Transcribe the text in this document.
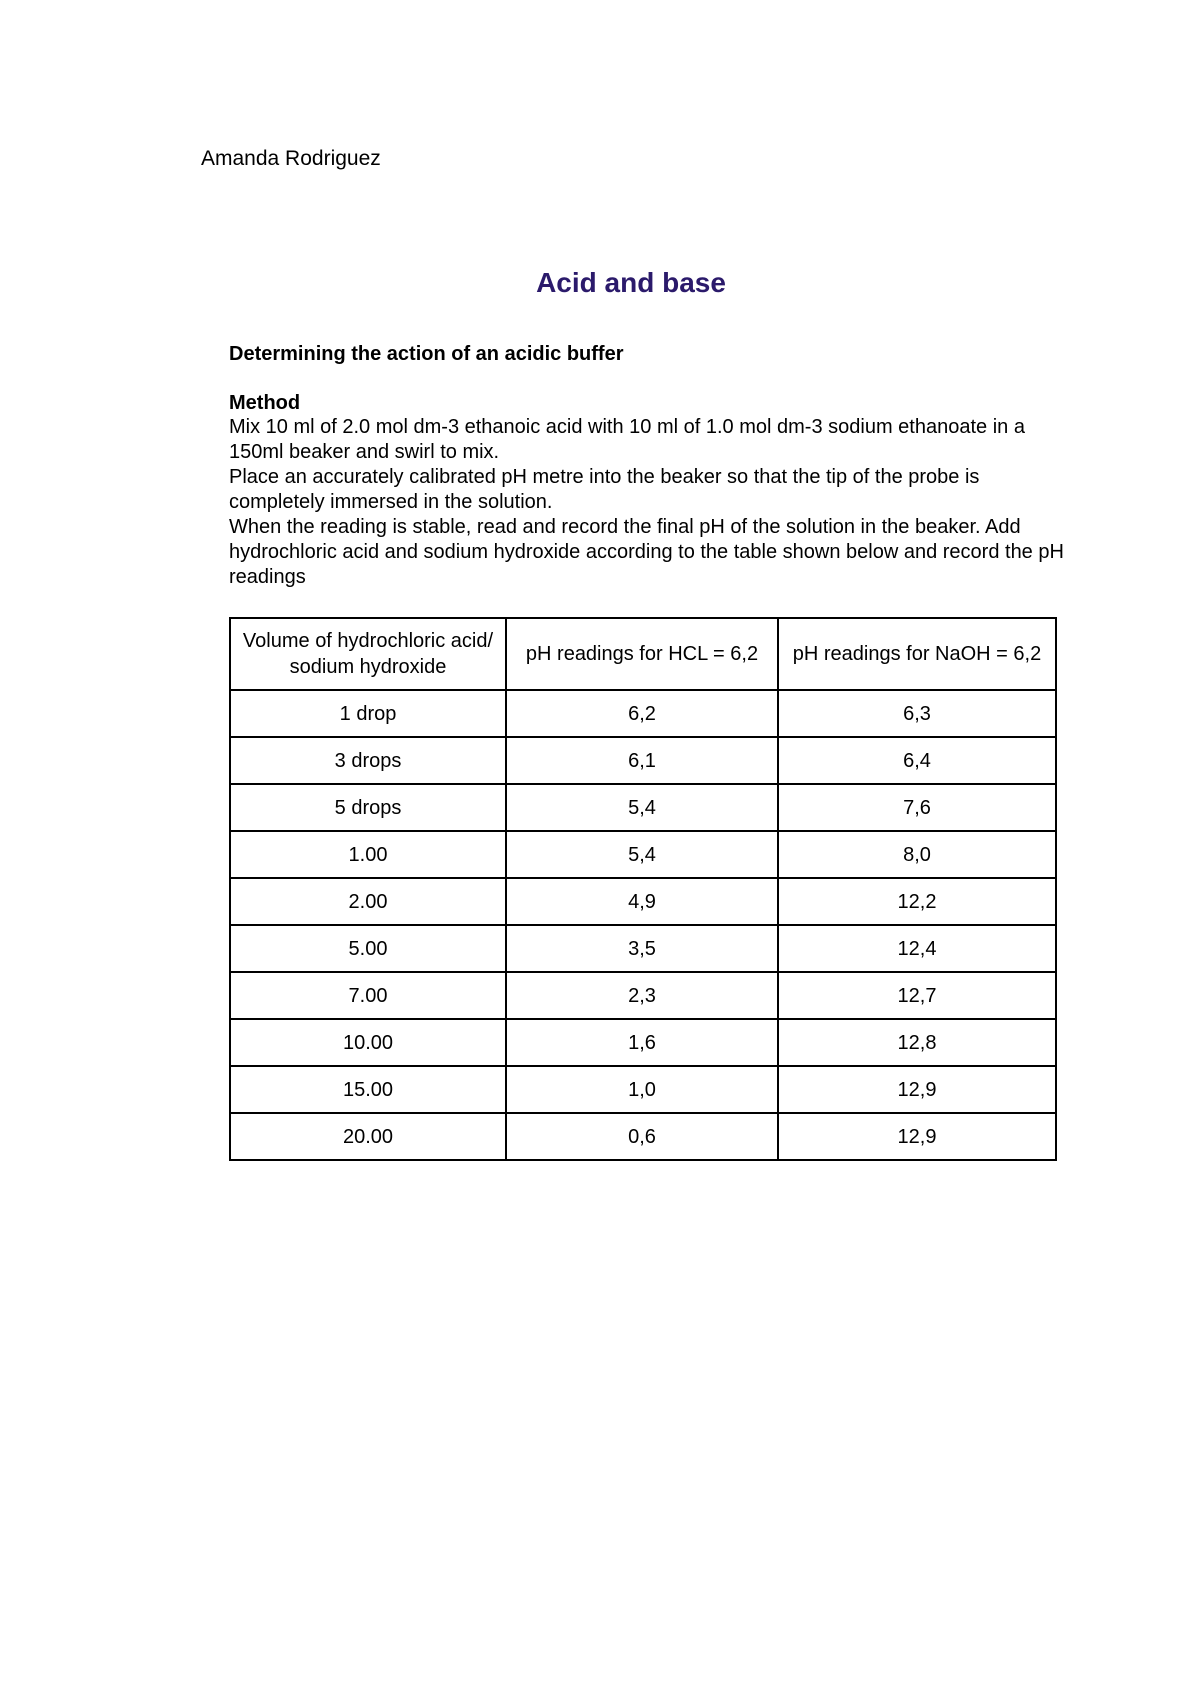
Amanda Rodriguez
Acid and base
Determining the action of an acidic buffer
Method

Mix 10 ml of 2.0 mol dm-3 ethanoic acid with 10 ml of 1.0 mol dm-3 sodium ethanoate in a 150ml beaker and swirl to mix.

Place an accurately calibrated pH metre into the beaker so that the tip of the probe is completely immersed in the solution.

When the reading is stable, read and record the final pH of the solution in the beaker. Add hydrochloric acid and sodium hydroxide according to the table shown below and record the pH readings

Volume of hydrochloric acid/ sodium hydroxide	pH readings for HCL = 6,2	pH readings for NaOH = 6,2
1 drop	6,2	6,3
3 drops	6,1	6,4
5 drops	5,4	7,6
1.00	5,4	8,0
2.00	4,9	12,2
5.00	3,5	12,4
7.00	2,3	12,7
10.00	1,6	12,8
15.00	1,0	12,9
20.00	0,6	12,9
